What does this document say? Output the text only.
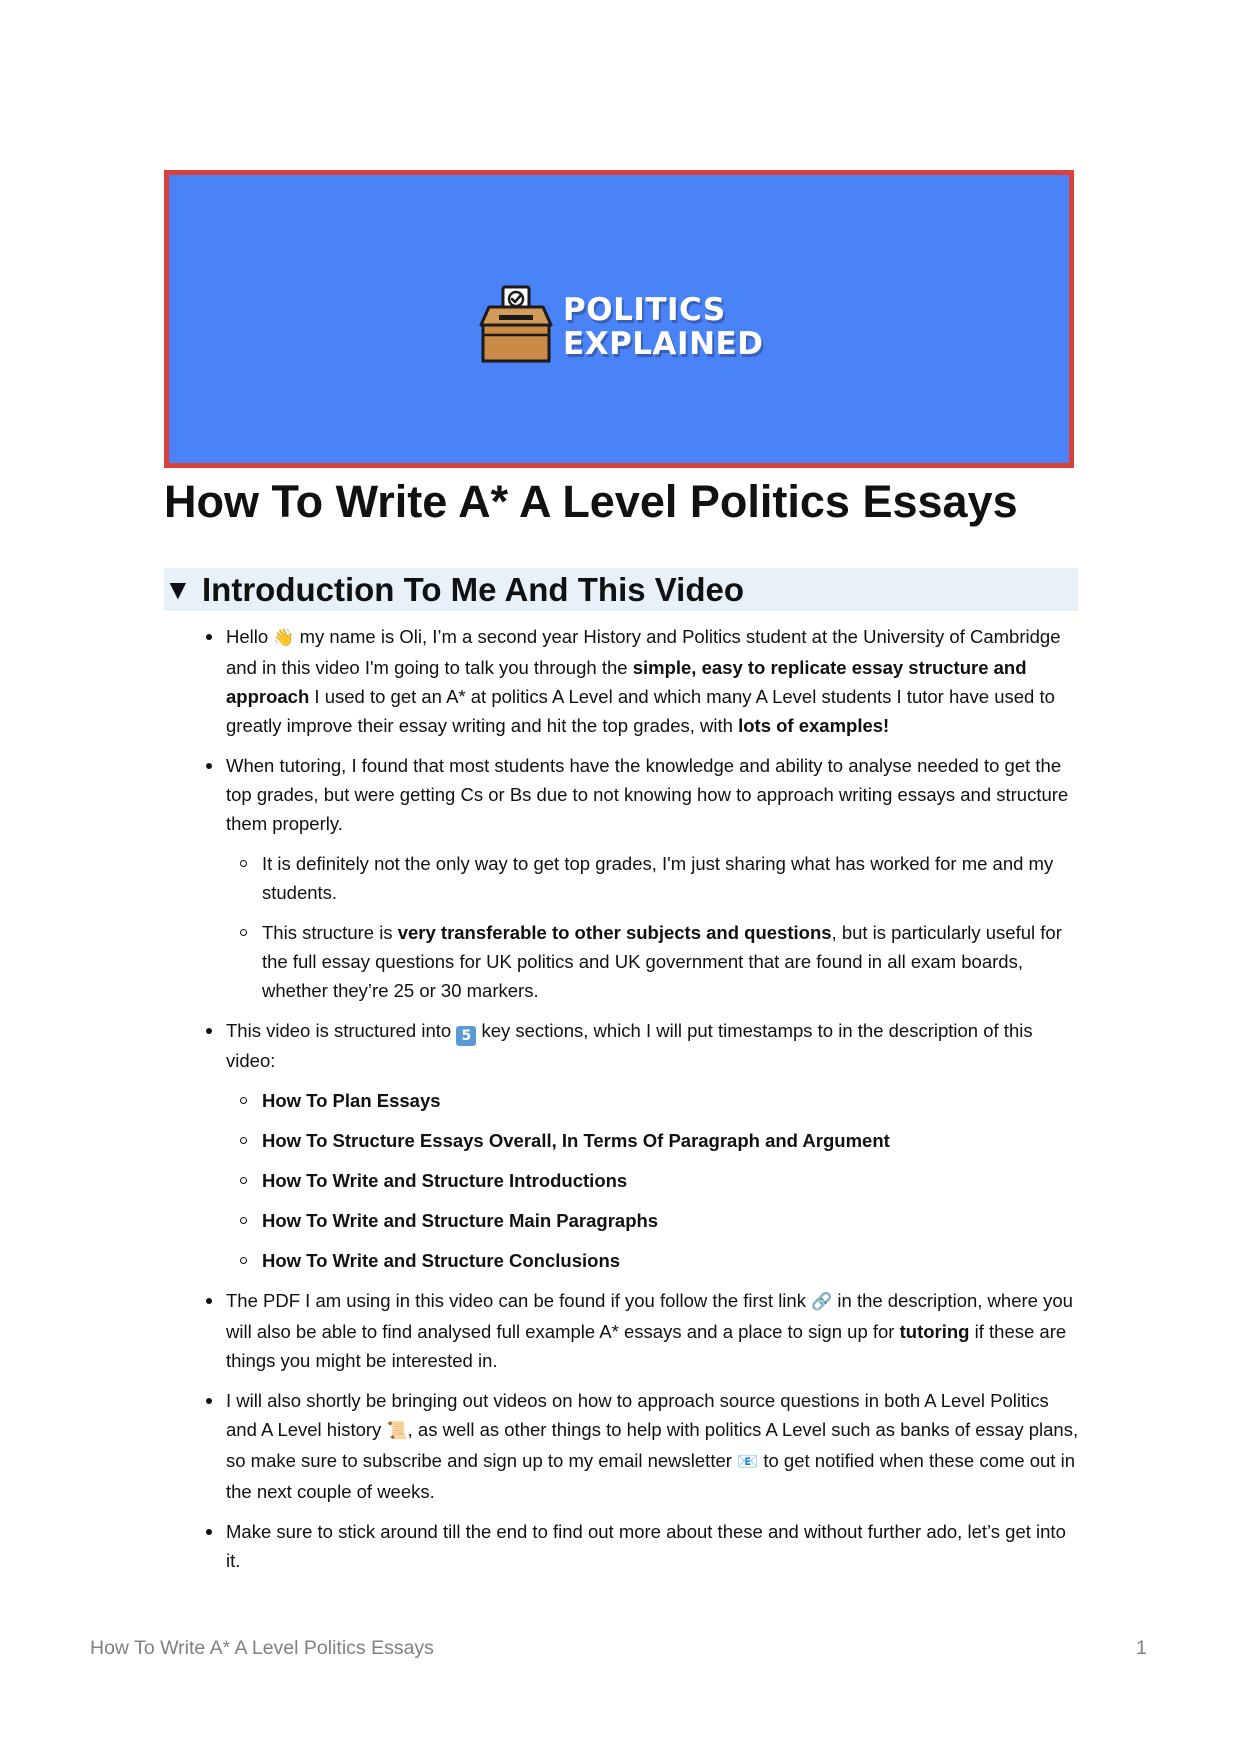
POLITICS
EXPLAINED
How To Write A* A Level Politics Essays
▼ Introduction To Me And This Video
Hello 👋 my name is Oli, I’m a second year History and Politics student at the University of Cambridge and in this video I'm going to talk you through the simple, easy to replicate essay structure and approach I used to get an A* at politics A Level and which many A Level students I tutor have used to greatly improve their essay writing and hit the top grades, with lots of examples!
When tutoring, I found that most students have the knowledge and ability to analyse needed to get the top grades, but were getting Cs or Bs due to not knowing how to approach writing essays and structure them properly.
It is definitely not the only way to get top grades, I'm just sharing what has worked for me and my students.
This structure is very transferable to other subjects and questions, but is particularly useful for the full essay questions for UK politics and UK government that are found in all exam boards, whether they’re 25 or 30 markers.
This video is structured into 5 key sections, which I will put timestamps to in the description of this video:
How To Plan Essays
How To Structure Essays Overall, In Terms Of Paragraph and Argument
How To Write and Structure Introductions
How To Write and Structure Main Paragraphs
How To Write and Structure Conclusions
The PDF I am using in this video can be found if you follow the first link 🔗 in the description, where you will also be able to find analysed full example A* essays and a place to sign up for tutoring if these are things you might be interested in.
I will also shortly be bringing out videos on how to approach source questions in both A Level Politics and A Level history 📜, as well as other things to help with politics A Level such as banks of essay plans, so make sure to subscribe and sign up to my email newsletter 📧 to get notified when these come out in the next couple of weeks.
Make sure to stick around till the end to find out more about these and without further ado, let’s get into it.
How To Write A* A Level Politics Essays	1
